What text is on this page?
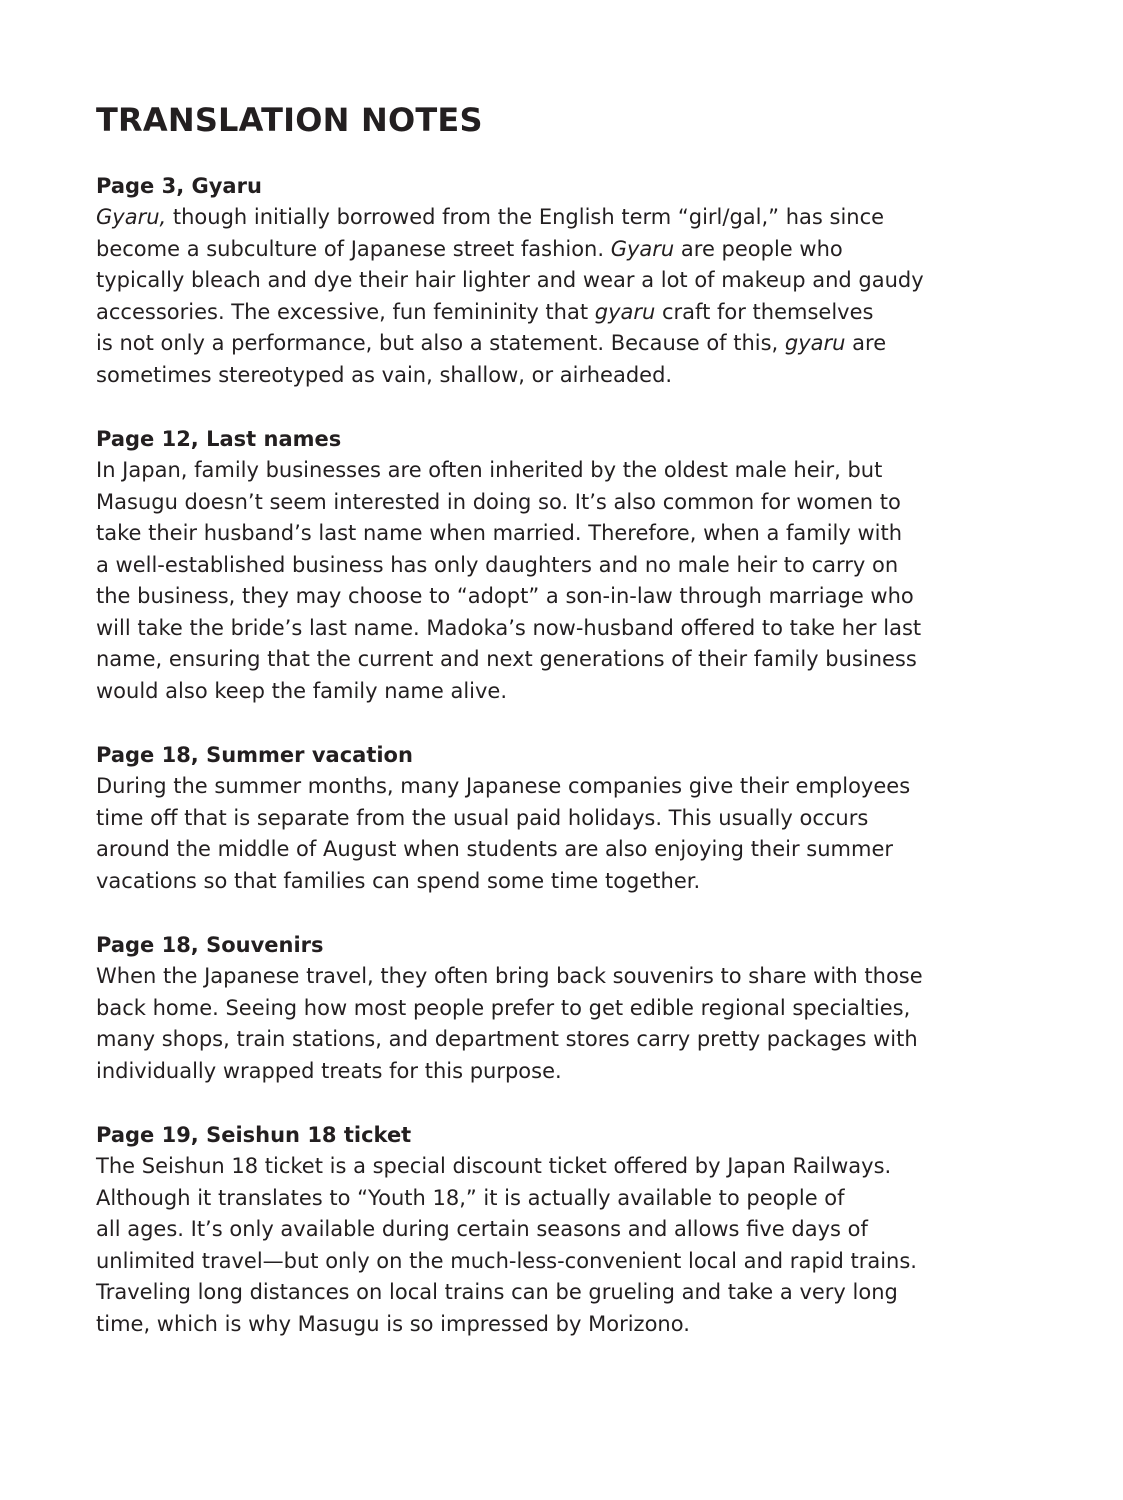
TRANSLATION NOTES
Page 3, Gyaru
Gyaru, though initially borrowed from the English term “girl/gal,” has since
become a subculture of Japanese street fashion. Gyaru are people who
typically bleach and dye their hair lighter and wear a lot of makeup and gaudy
accessories. The excessive, fun femininity that gyaru craft for themselves
is not only a performance, but also a statement. Because of this, gyaru are
sometimes stereotyped as vain, shallow, or airheaded.
Page 12, Last names
In Japan, family businesses are often inherited by the oldest male heir, but
Masugu doesn’t seem interested in doing so. It’s also common for women to
take their husband’s last name when married. Therefore, when a family with
a well-established business has only daughters and no male heir to carry on
the business, they may choose to “adopt” a son-in-law through marriage who
will take the bride’s last name. Madoka’s now-husband offered to take her last
name, ensuring that the current and next generations of their family business
would also keep the family name alive.
Page 18, Summer vacation
During the summer months, many Japanese companies give their employees
time off that is separate from the usual paid holidays. This usually occurs
around the middle of August when students are also enjoying their summer
vacations so that families can spend some time together.
Page 18, Souvenirs
When the Japanese travel, they often bring back souvenirs to share with those
back home. Seeing how most people prefer to get edible regional specialties,
many shops, train stations, and department stores carry pretty packages with
individually wrapped treats for this purpose.
Page 19, Seishun 18 ticket
The Seishun 18 ticket is a special discount ticket offered by Japan Railways.
Although it translates to “Youth 18,” it is actually available to people of
all ages. It’s only available during certain seasons and allows five days of
unlimited travel—but only on the much-less-convenient local and rapid trains.
Traveling long distances on local trains can be grueling and take a very long
time, which is why Masugu is so impressed by Morizono.
